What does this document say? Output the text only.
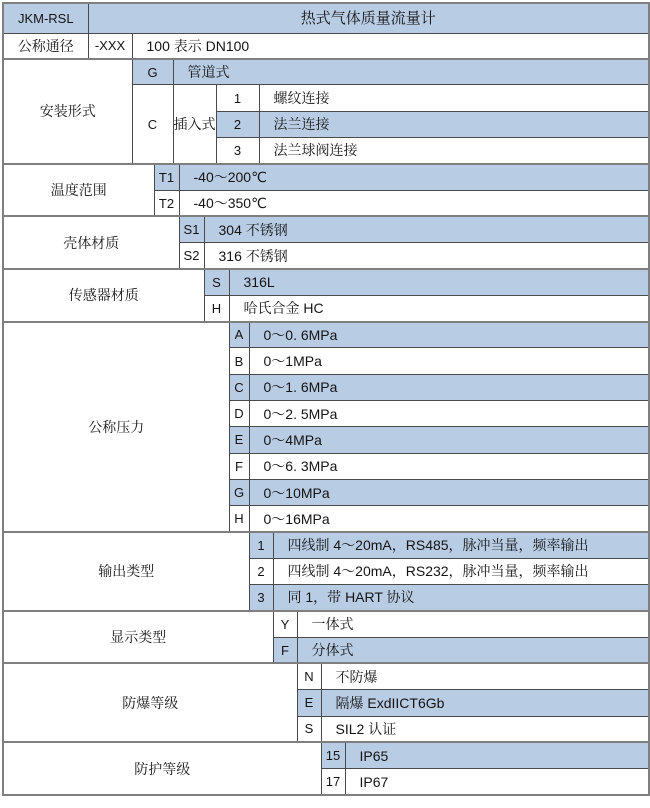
JKM-RSL	热式气体质量流量计													
公称通径	-XXX	100 表示 DN100												
安装形式		G		管道式										
		C		插入式			1			螺纹连接				
							2			法兰连接				
							3			法兰球阀连接				
温度范围			T1		-40～200℃									
			T2		-40～350℃									
壳体材质					S1	304 不锈钢								
					S2	316 不锈钢								
传感器材质						S		316L						
						H		哈氏合金 HC						
公称压力								A	0～0. 6MPa					
								B	0～1MPa					
								C	0～1. 6MPa					
								D	0～2. 5MPa					
								E	0～4MPa					
								F	0～6. 3MPa					
								G	0～10MPa					
								H	0～16MPa					
输出类型									1		四线制 4～20mA，RS485，脉冲当量，频率输出			
									2		四线制 4～20mA，RS232，脉冲当量，频率输出			
									3		同 1，带 HART 协议			
显示类型											Y	一体式		
											F	分体式		
防爆等级												N	不防爆	
												E	隔爆 ExdIICT6Gb	
												S	SIL2 认证	
防护等级													15	IP65
													17	IP67
